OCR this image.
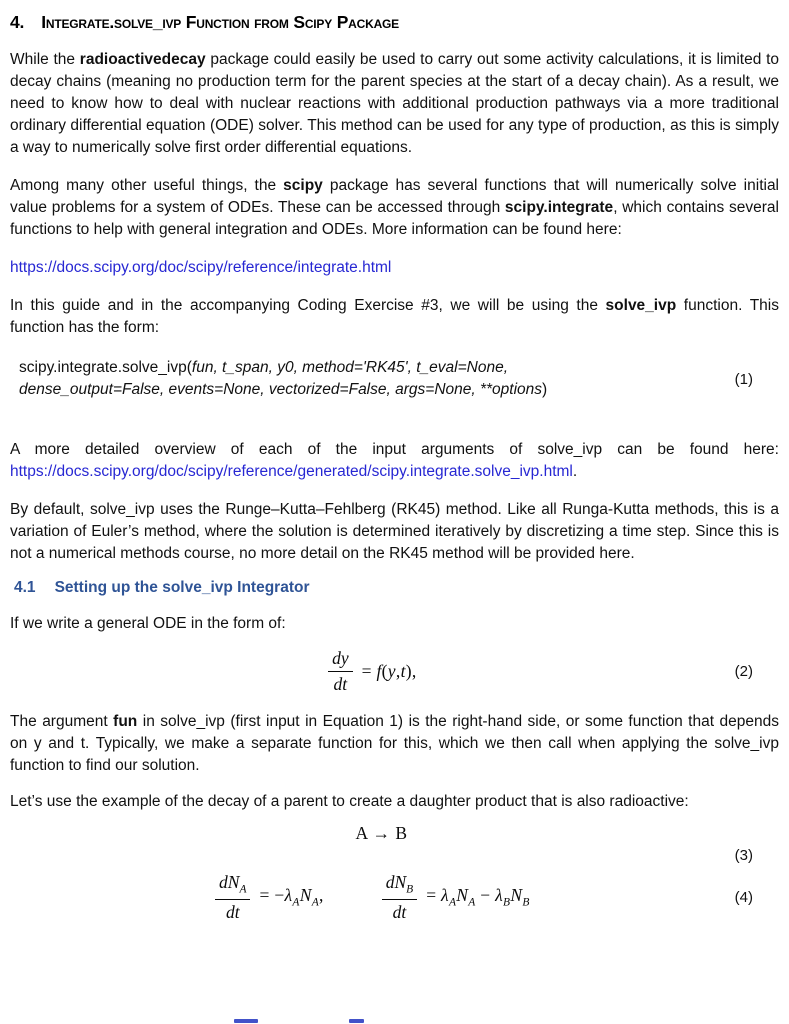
4. Integrate.solve_ivp Function from Scipy Package

While the radioactivedecay package could easily be used to carry out some activity calculations, it is limited to decay chains (meaning no production term for the parent species at the start of a decay chain). As a result, we need to know how to deal with nuclear reactions with additional production pathways via a more traditional ordinary differential equation (ODE) solver. This method can be used for any type of production, as this is simply a way to numerically solve first order differential equations.

Among many other useful things, the scipy package has several functions that will numerically solve initial value problems for a system of ODEs. These can be accessed through scipy.integrate, which contains several functions to help with general integration and ODEs. More information can be found here:

https://docs.scipy.org/doc/scipy/reference/integrate.html

In this guide and in the accompanying Coding Exercise #3, we will be using the solve_ivp function. This function has the form:

scipy.integrate.solve_ivp(fun, t_span, y0, method='RK45', t_eval=None,
dense_output=False, events=None, vectorized=False, args=None, **options)
(1)

A more detailed overview of each of the input arguments of solve_ivp can be found here: https://docs.scipy.org/doc/scipy/reference/generated/scipy.integrate.solve_ivp.html.

By default, solve_ivp uses the Runge–Kutta–Fehlberg (RK45) method. Like all Runga-Kutta methods, this is a variation of Euler’s method, where the solution is determined iteratively by discretizing a time step. Since this is not a numerical methods course, no more detail on the RK45 method will be provided here.

4.1 Setting up the solve_ivp Integrator

If we write a general ODE in the form of:

$\frac{dy}{dt} = f(y,t)$,	(2)

The argument fun in solve_ivp (first input in Equation 1) is the right-hand side, or some function that depends on y and t. Typically, we make a separate function for this, which we then call when applying the solve_ivp function to find our solution.

Let’s use the example of the decay of a parent to create a daughter product that is also radioactive:

A → B
(3)
$\frac{dN_A}{dt} = -\lambda_AN_A$,	$\frac{dN_B}{dt} = \lambda_AN_A - \lambda_BN_B$	(4)
